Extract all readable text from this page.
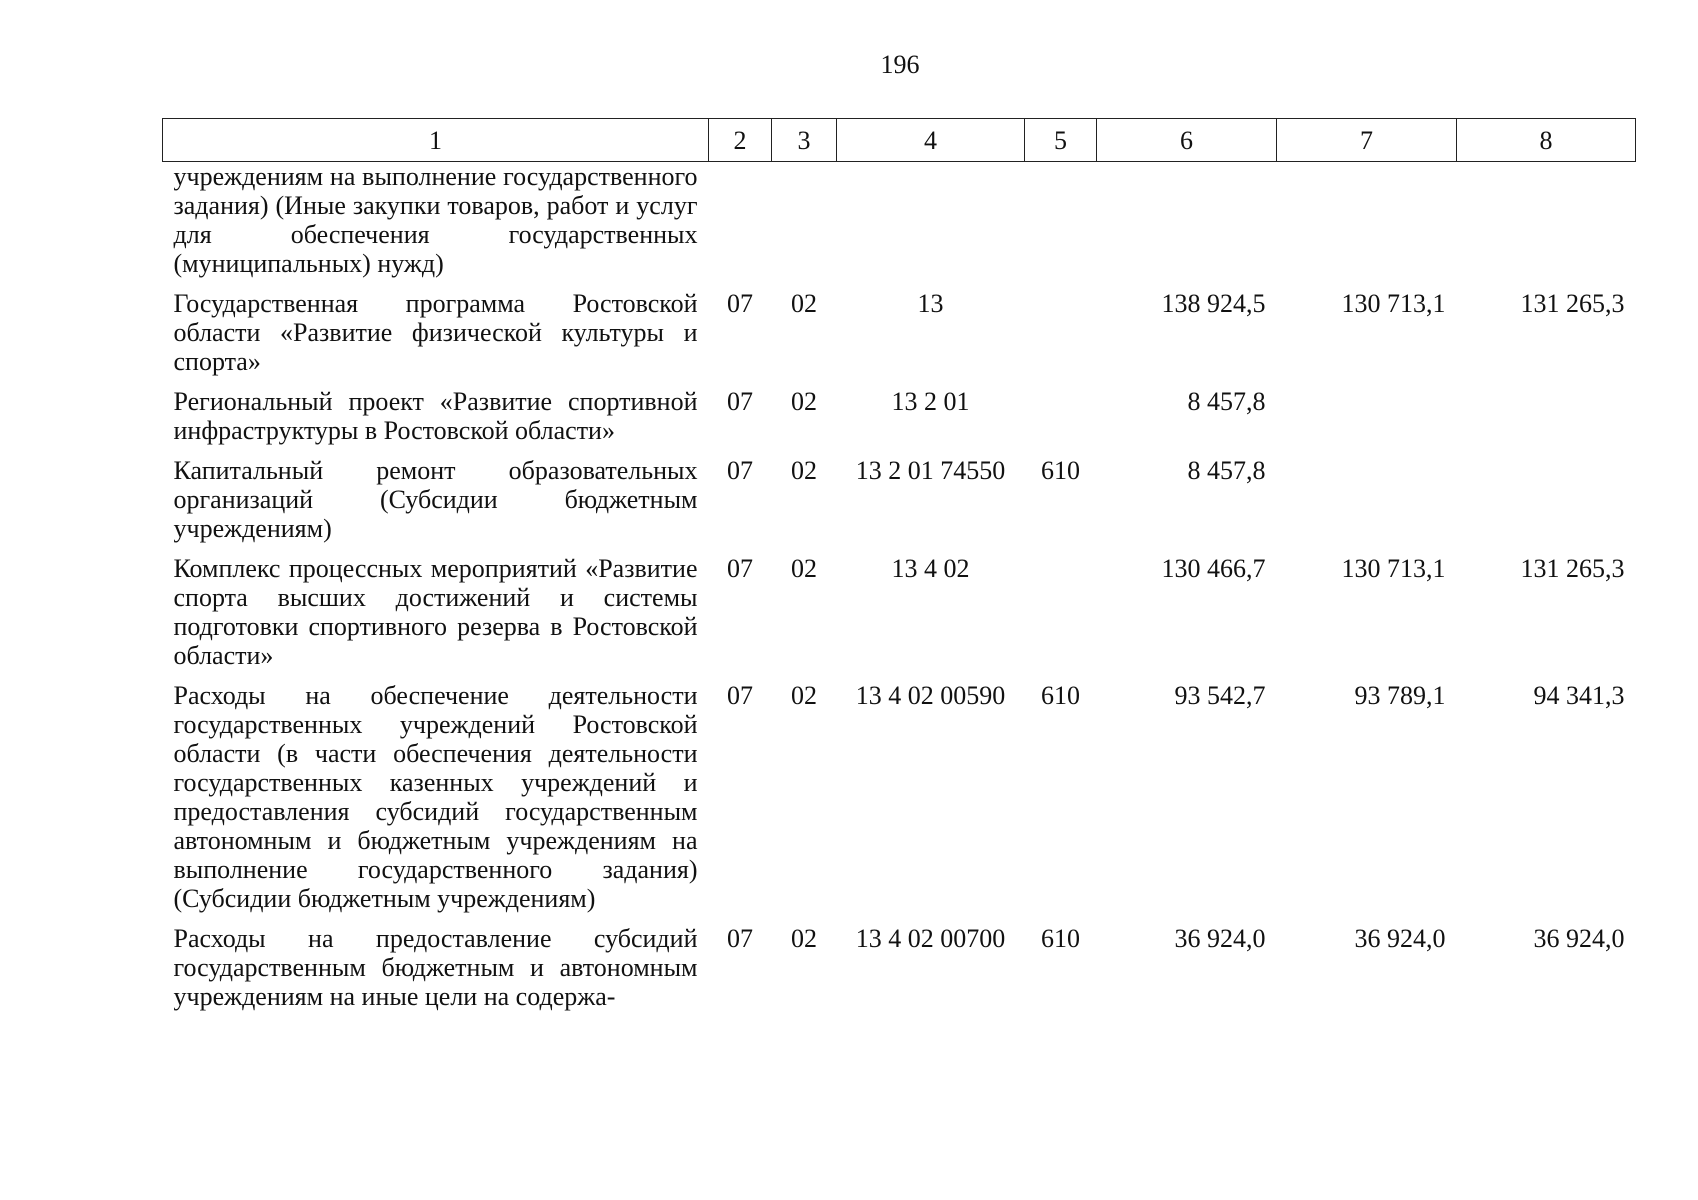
196
1	2	3	4	5	6	7	8
учреждениям на выполнение государственного задания) (Иные закупки товаров, работ и услуг для обеспечения государственных (муниципальных) нужд)							
Государственная программа Ростовской области «Развитие физической культуры и спорта»	07	02	13		138 924,5	130 713,1	131 265,3
Региональный проект «Развитие спортивной инфраструктуры в Ростовской области»	07	02	13 2 01		8 457,8		
Капитальный ремонт образовательных организаций (Субсидии бюджетным учреждениям)	07	02	13 2 01 74550	610	8 457,8		
Комплекс процессных мероприятий «Развитие спорта высших достижений и системы подготовки спортивного резерва в Ростовской области»	07	02	13 4 02		130 466,7	130 713,1	131 265,3
Расходы на обеспечение деятельности государственных учреждений Ростовской области (в части обеспечения деятельности государственных казенных учреждений и предоставления субсидий государственным автономным и бюджетным учреждениям на выполнение государственного задания) (Субсидии бюджетным учреждениям)	07	02	13 4 02 00590	610	93 542,7	93 789,1	94 341,3
Расходы на предоставление субсидий государственным бюджетным и автономным учреждениям на иные цели на содержа-	07	02	13 4 02 00700	610	36 924,0	36 924,0	36 924,0
